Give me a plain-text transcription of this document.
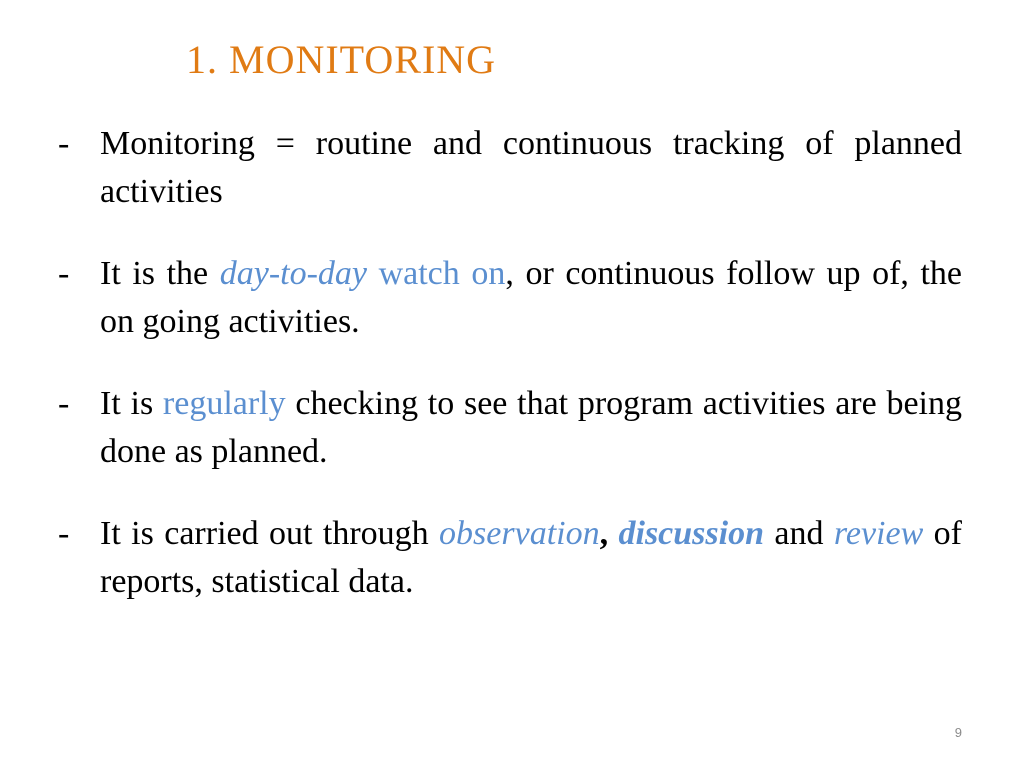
1. MONITORING
- Monitoring = routine and continuous tracking of planned activities
- It is the day-to-day watch on, or continuous follow up of, the on going activities.
- It is regularly checking to see that program activities are being done as planned.
- It is carried out through observation, discussion and review of reports, statistical data.
9
